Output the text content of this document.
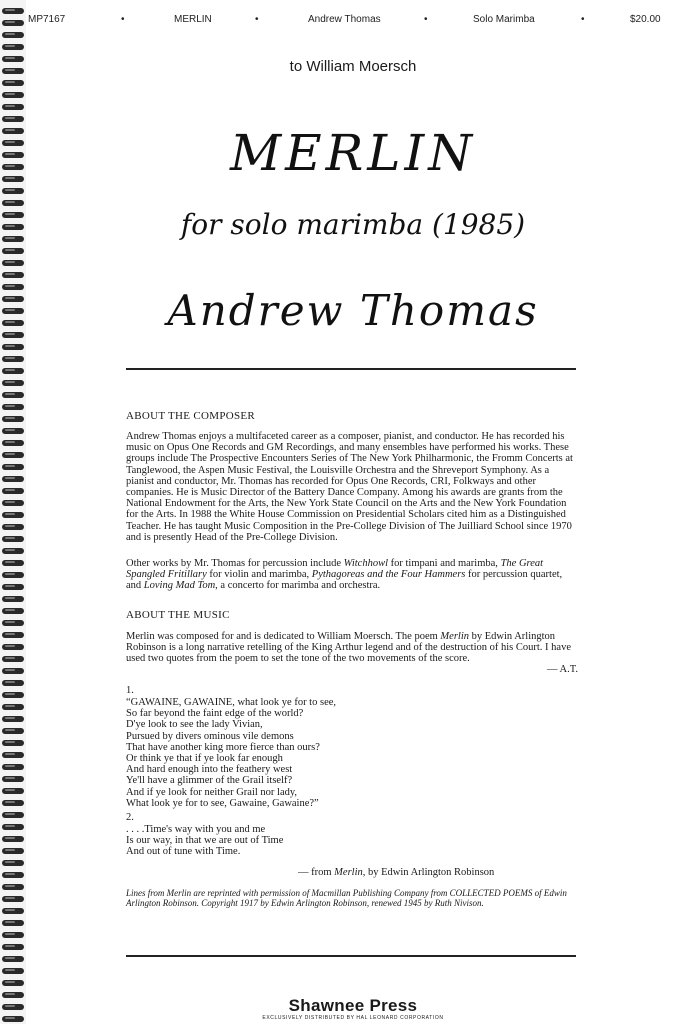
MP7167	•	MERLIN	•	Andrew Thomas	•	Solo Marimba	•	$20.00
to William Moersch
MERLIN
for solo marimba (1985)
Andrew Thomas
ABOUT THE COMPOSER
Andrew Thomas enjoys a multifaceted career as a composer, pianist, and conductor. He has recorded his music on Opus One Records and GM Recordings, and many ensembles have performed his works. These groups include The Prospective Encounters Series of The New York Philharmonic, the Fromm Concerts at Tanglewood, the Aspen Music Festival, the Louisville Orchestra and the Shreveport Symphony. As a pianist and conductor, Mr. Thomas has recorded for Opus One Records, CRI, Folkways and other companies. He is Music Director of the Battery Dance Company. Among his awards are grants from the National Endowment for the Arts, the New York State Council on the Arts and the New York Foundation for the Arts. In 1988 the White House Commission on Presidential Scholars cited him as a Distinguished Teacher. He has taught Music Composition in the Pre-College Division of The Juilliard School since 1970 and is presently Head of the Pre-College Division.
Other works by Mr. Thomas for percussion include Witchhowl for timpani and marimba, The Great Spangled Fritillary for violin and marimba, Pythagoreas and the Four Hammers for percussion quartet, and Loving Mad Tom, a concerto for marimba and orchestra.
ABOUT THE MUSIC
Merlin was composed for and is dedicated to William Moersch. The poem Merlin by Edwin Arlington Robinson is a long narrative retelling of the King Arthur legend and of the destruction of his Court. I have used two quotes from the poem to set the tone of the two movements of the score.
— A.T.
1.
“GAWAINE, GAWAINE, what look ye for to see,
So far beyond the faint edge of the world?
D'ye look to see the lady Vivian,
Pursued by divers ominous vile demons
That have another king more fierce than ours?
Or think ye that if ye look far enough
And hard enough into the feathery west
Ye'll have a glimmer of the Grail itself?
And if ye look for neither Grail nor lady,
What look ye for to see, Gawaine, Gawaine?”
2.
. . . .Time's way with you and me
Is our way, in that we are out of Time
And out of tune with Time.
— from Merlin, by Edwin Arlington Robinson
Lines from Merlin are reprinted with permission of Macmillan Publishing Company from COLLECTED POEMS of Edwin Arlington Robinson. Copyright 1917 by Edwin Arlington Robinson, renewed 1945 by Ruth Nivison.
Shawnee Press
EXCLUSIVELY DISTRIBUTED BY HAL LEONARD CORPORATION
